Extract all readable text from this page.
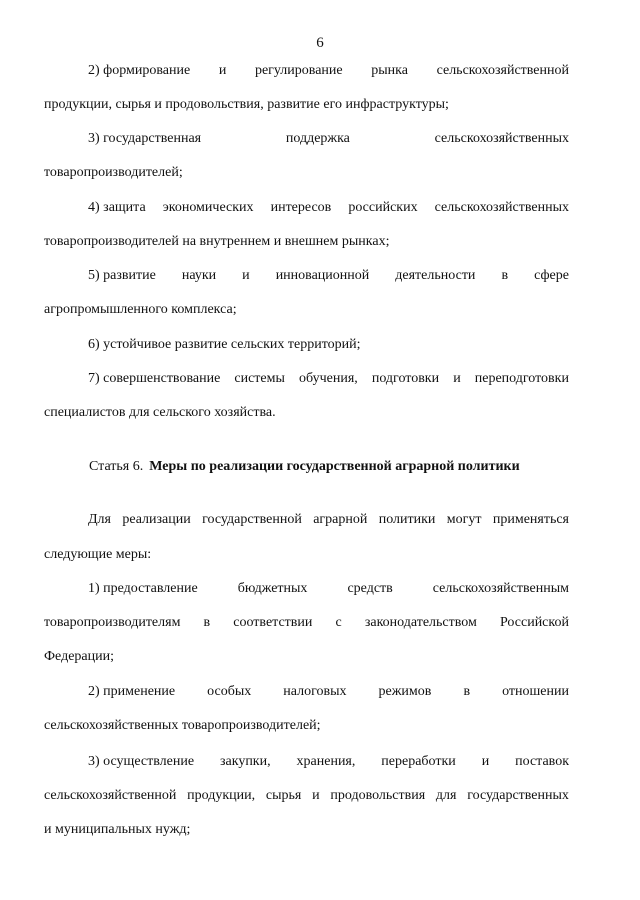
6
2) формирование и регулирование рынка сельскохозяйственной
продукции, сырья и продовольствия, развитие его инфраструктуры;
3) государственная	поддержка	сельскохозяйственных
товаропроизводителей;
4) защита экономических интересов российских сельскохозяйственных
товаропроизводителей на внутреннем и внешнем рынках;
5) развитие науки и инновационной деятельности в сфере
агропромышленного комплекса;
6) устойчивое развитие сельских территорий;
7) совершенствование системы обучения, подготовки и переподготовки
специалистов для сельского хозяйства.
Статья 6. Меры по реализации государственной аграрной политики
Для реализации государственной аграрной политики могут применяться
следующие меры:
1) предоставление	бюджетных	средств	сельскохозяйственным
товаропроизводителям в соответствии с законодательством Российской
Федерации;
2) применение особых налоговых режимов в отношении
сельскохозяйственных товаропроизводителей;
3) осуществление закупки, хранения, переработки и поставок
сельскохозяйственной продукции, сырья и продовольствия для государственных
и муниципальных нужд;
